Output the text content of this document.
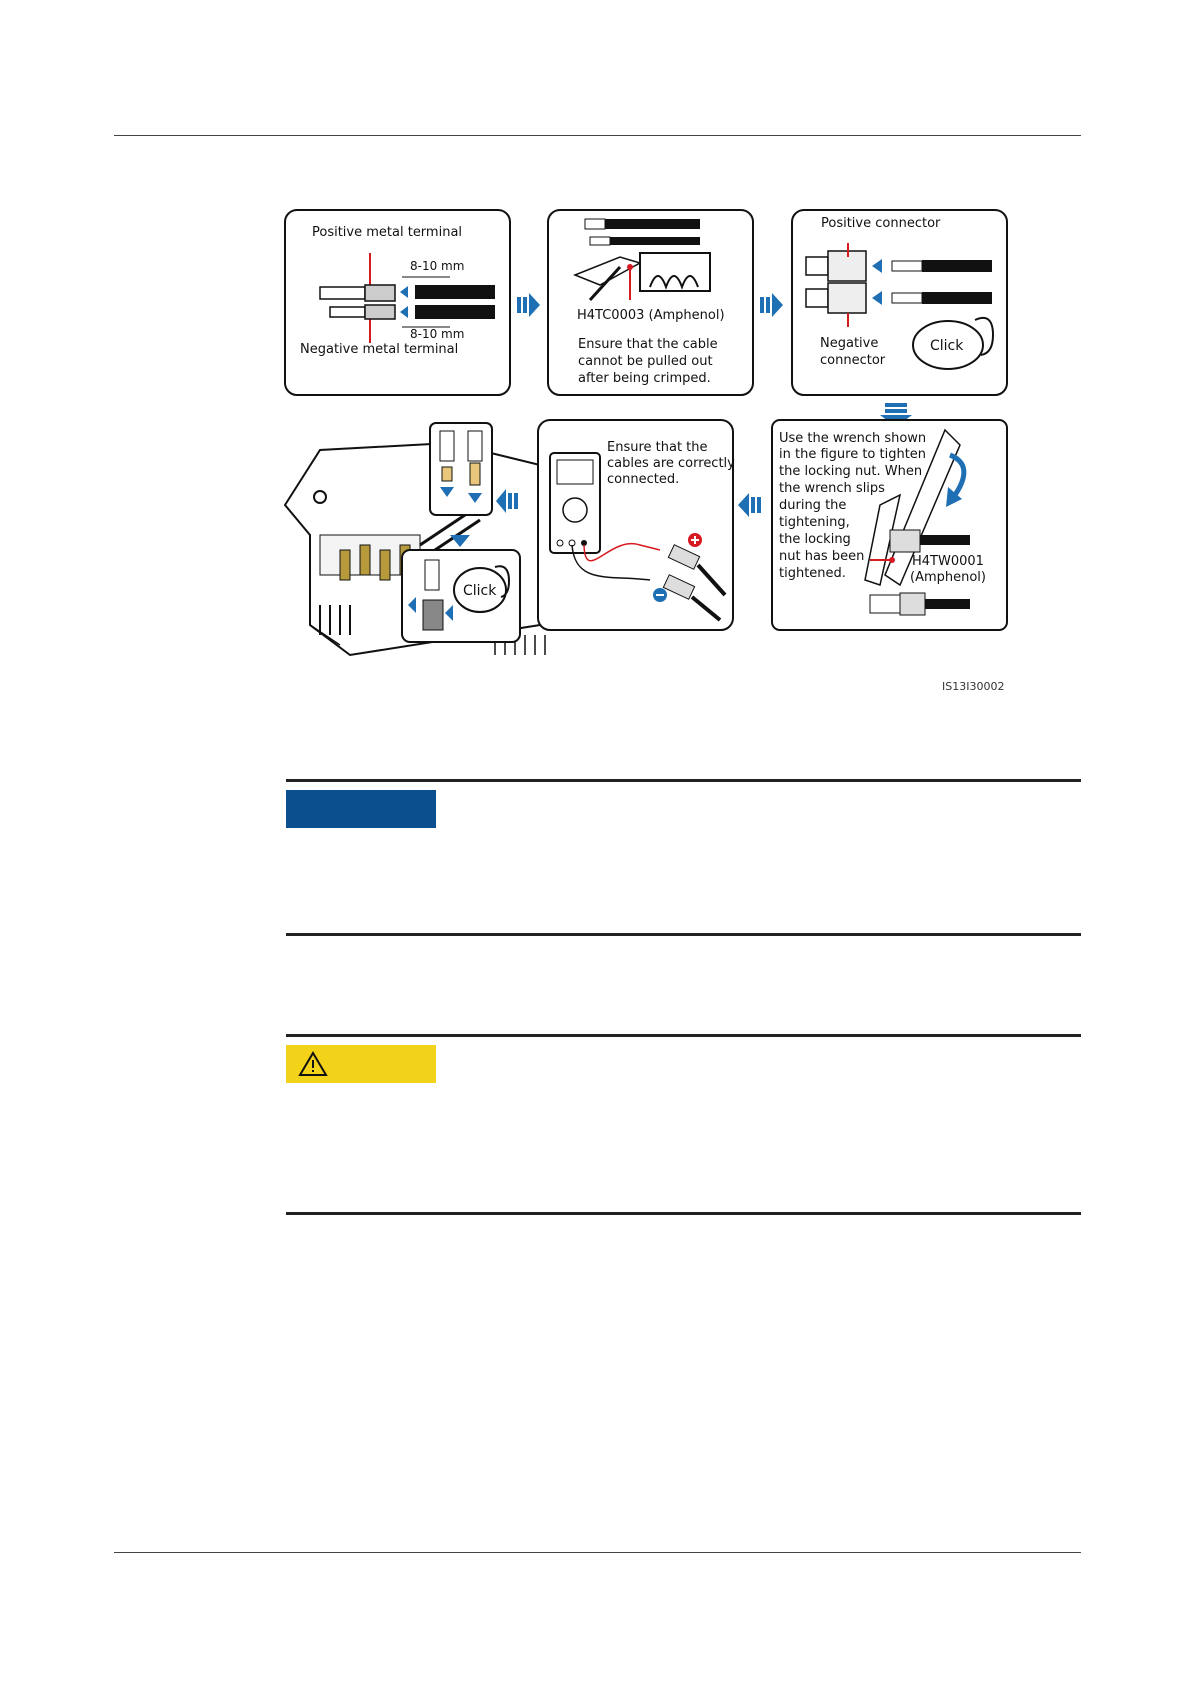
Positive metal terminal
8-10 mm
8-10 mm
Negative metal terminal
H4TC0003 (Amphenol)
Ensure that the cable
cannot be pulled out
after being crimped.
Positive connector
Negative
connector
Click
Click
Ensure that the
cables are correctly
connected.
Use the wrench shown
in the figure to tighten
the locking nut. When
the wrench slips
during the
tightening,
the locking
nut has been
tightened.
H4TW0001
(Amphenol)
IS13I30002
